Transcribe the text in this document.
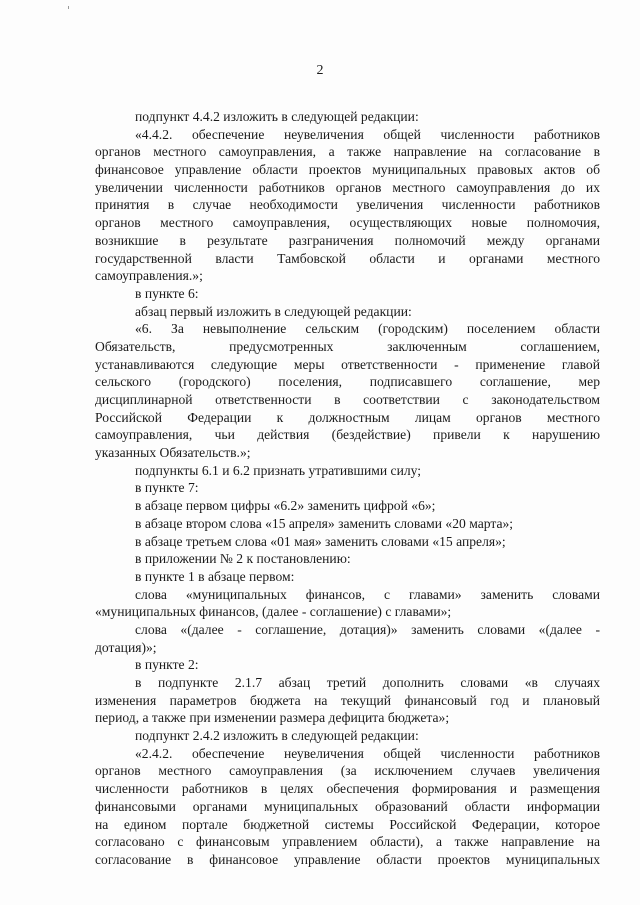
2
подпункт 4.4.2 изложить в следующей редакции:
«4.4.2. обеспечение неувеличения общей численности работников
органов местного самоуправления, а также направление на согласование в
финансовое управление области проектов муниципальных правовых актов об
увеличении численности работников органов местного самоуправления до их
принятия в случае необходимости увеличения численности работников
органов местного самоуправления, осуществляющих новые полномочия,
возникшие в результате разграничения полномочий между органами
государственной власти Тамбовской области и органами местного
самоуправления.»;
в пункте 6:
абзац первый изложить в следующей редакции:
«6. За невыполнение сельским (городским) поселением области
Обязательств, предусмотренных заключенным соглашением,
устанавливаются следующие меры ответственности - применение главой
сельского (городского) поселения, подписавшего соглашение, мер
дисциплинарной ответственности в соответствии с законодательством
Российской Федерации к должностным лицам органов местного
самоуправления, чьи действия (бездействие) привели к нарушению
указанных Обязательств.»;
подпункты 6.1 и 6.2 признать утратившими силу;
в пункте 7:
в абзаце первом цифры «6.2» заменить цифрой «6»;
в абзаце втором слова «15 апреля» заменить словами «20 марта»;
в абзаце третьем слова «01 мая» заменить словами «15 апреля»;
в приложении № 2 к постановлению:
в пункте 1 в абзаце первом:
слова «муниципальных финансов, с главами» заменить словами
«муниципальных финансов, (далее - соглашение) с главами»;
слова «(далее - соглашение, дотация)» заменить словами «(далее -
дотация)»;
в пункте 2:
в подпункте 2.1.7 абзац третий дополнить словами «в случаях
изменения параметров бюджета на текущий финансовый год и плановый
период, а также при изменении размера дефицита бюджета»;
подпункт 2.4.2 изложить в следующей редакции:
«2.4.2. обеспечение неувеличения общей численности работников
органов местного самоуправления (за исключением случаев увеличения
численности работников в целях обеспечения формирования и размещения
финансовыми органами муниципальных образований области информации
на едином портале бюджетной системы Российской Федерации, которое
согласовано с финансовым управлением области), а также направление на
согласование в финансовое управление области проектов муниципальных
